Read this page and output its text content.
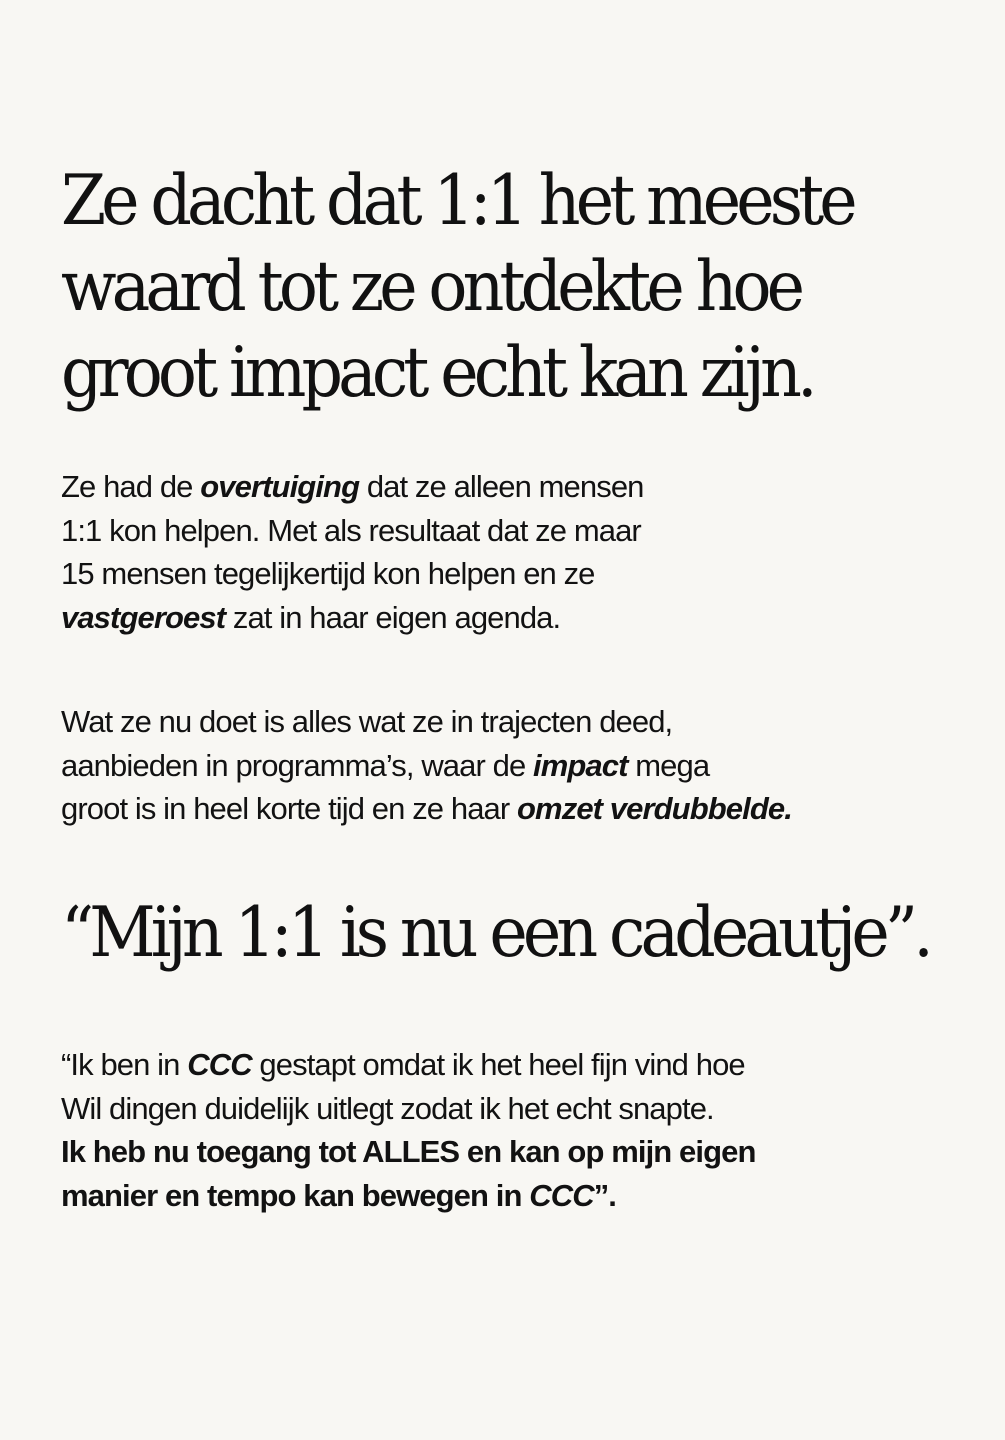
Ze dacht dat 1:1 het meeste
waard tot ze ontdekte hoe
groot impact echt kan zijn.

Ze had de overtuiging dat ze alleen mensen
1:1 kon helpen. Met als resultaat dat ze maar
15 mensen tegelijkertijd kon helpen en ze
vastgeroest zat in haar eigen agenda.

Wat ze nu doet is alles wat ze in trajecten deed,
aanbieden in programma’s, waar de impact mega
groot is in heel korte tijd en ze haar omzet verdubbelde.

“Mijn 1:1 is nu een cadeautje”.

“Ik ben in CCC gestapt omdat ik het heel fijn vind hoe
Wil dingen duidelijk uitlegt zodat ik het echt snapte.
Ik heb nu toegang tot ALLES en kan op mijn eigen
manier en tempo kan bewegen in CCC”.
